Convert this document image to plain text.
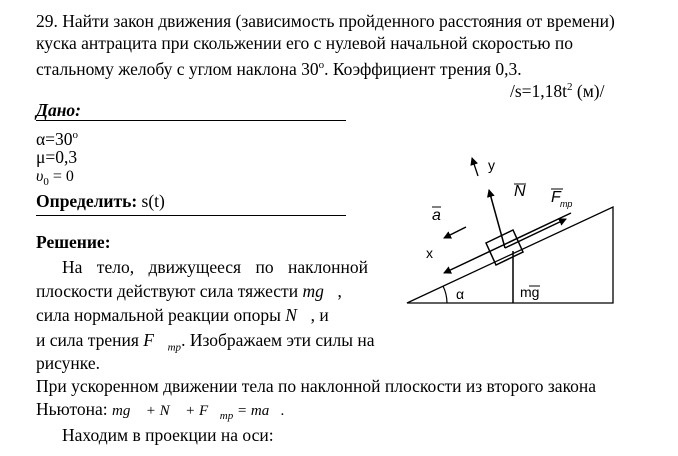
29. Найти закон движения (зависимость пройденного расстояния от времени)
куска антрацита при скольжении его с нулевой начальной скоростью по
стальному желобу с углом наклона $30^о$. Коэффициент трения 0,3.
$/s=1,18t^2$ (м)/
Дано:
$\alpha=30^о$
μ=0,3
$\upsilon_0 = 0$
Определить: s(t)
Решение:
На тело, движущееся по наклонной
плоскости действуют сила тяжести mg⃗,
сила нормальной реакции опоры N⃗, и
и сила трения $F⃗_{тр}$. Изображаем эти силы на
рисунке.
При ускоренном движении тела по наклонной плоскости из второго закона
Ньютона: mg⃗ + N⃗ + $F⃗_{тр}$ = ma⃗.
Находим в проекции на оси:
y
x
N
a
F тр
α	mg
